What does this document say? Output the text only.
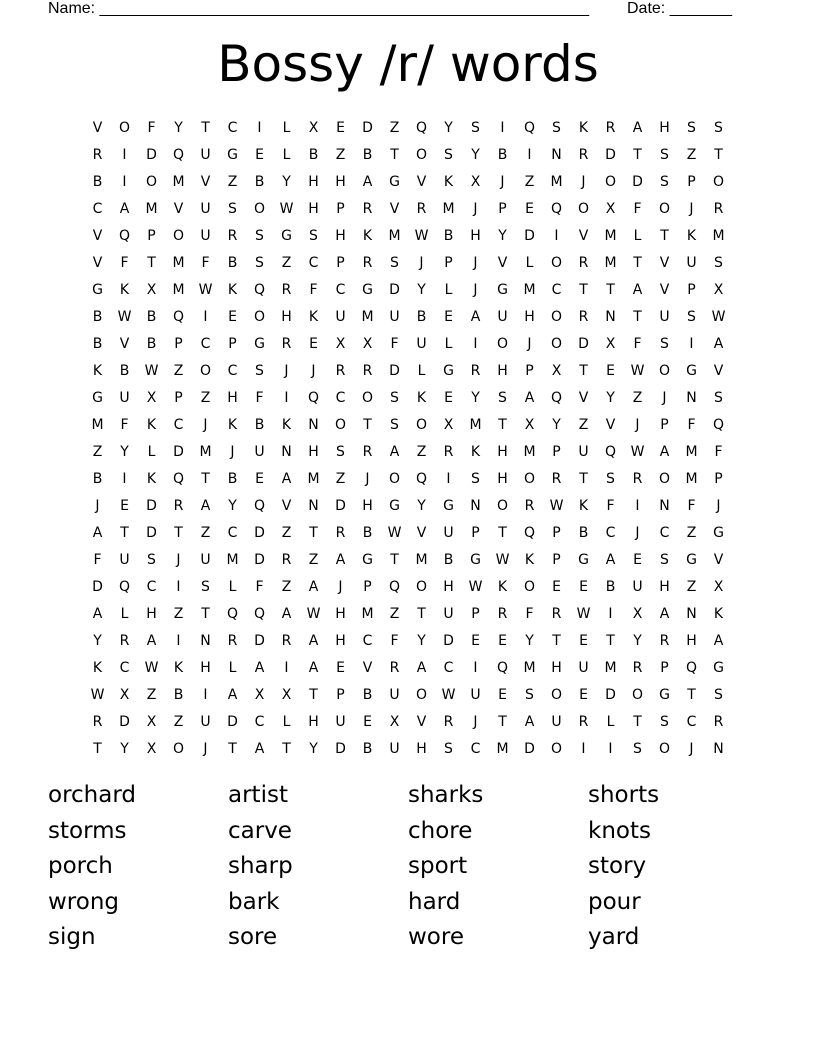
Name: _______________________________________________________ Date: _______
Bossy /r/ words
V	O	F	Y	T	C	I	L	X	E	D	Z	Q	Y	S	I	Q	S	K	R	A	H	S	S
R	I	D	Q	U	G	E	L	B	Z	B	T	O	S	Y	B	I	N	R	D	T	S	Z	T
B	I	O	M	V	Z	B	Y	H	H	A	G	V	K	X	J	Z	M	J	O	D	S	P	O
C	A	M	V	U	S	O	W	H	P	R	V	R	M	J	P	E	Q	O	X	F	O	J	R
V	Q	P	O	U	R	S	G	S	H	K	M	W	B	H	Y	D	I	V	M	L	T	K	M
V	F	T	M	F	B	S	Z	C	P	R	S	J	P	J	V	L	O	R	M	T	V	U	S
G	K	X	M	W	K	Q	R	F	C	G	D	Y	L	J	G	M	C	T	T	A	V	P	X
B	W	B	Q	I	E	O	H	K	U	M	U	B	E	A	U	H	O	R	N	T	U	S	W
B	V	B	P	C	P	G	R	E	X	X	F	U	L	I	O	J	O	D	X	F	S	I	A
K	B	W	Z	O	C	S	J	J	R	R	D	L	G	R	H	P	X	T	E	W	O	G	V
G	U	X	P	Z	H	F	I	Q	C	O	S	K	E	Y	S	A	Q	V	Y	Z	J	N	S
M	F	K	C	J	K	B	K	N	O	T	S	O	X	M	T	X	Y	Z	V	J	P	F	Q
Z	Y	L	D	M	J	U	N	H	S	R	A	Z	R	K	H	M	P	U	Q	W	A	M	F
B	I	K	Q	T	B	E	A	M	Z	J	O	Q	I	S	H	O	R	T	S	R	O	M	P
J	E	D	R	A	Y	Q	V	N	D	H	G	Y	G	N	O	R	W	K	F	I	N	F	J
A	T	D	T	Z	C	D	Z	T	R	B	W	V	U	P	T	Q	P	B	C	J	C	Z	G
F	U	S	J	U	M	D	R	Z	A	G	T	M	B	G	W	K	P	G	A	E	S	G	V
D	Q	C	I	S	L	F	Z	A	J	P	Q	O	H	W	K	O	E	E	B	U	H	Z	X
A	L	H	Z	T	Q	Q	A	W	H	M	Z	T	U	P	R	F	R	W	I	X	A	N	K
Y	R	A	I	N	R	D	R	A	H	C	F	Y	D	E	E	Y	T	E	T	Y	R	H	A
K	C	W	K	H	L	A	I	A	E	V	R	A	C	I	Q	M	H	U	M	R	P	Q	G
W	X	Z	B	I	A	X	X	T	P	B	U	O	W	U	E	S	O	E	D	O	G	T	S
R	D	X	Z	U	D	C	L	H	U	E	X	V	R	J	T	A	U	R	L	T	S	C	R
T	Y	X	O	J	T	A	T	Y	D	B	U	H	S	C	M	D	O	I	I	S	O	J	N
orchard	artist	sharks	shorts
storms	carve	chore	knots
porch	sharp	sport	story
wrong	bark	hard	pour
sign	sore	wore	yard
